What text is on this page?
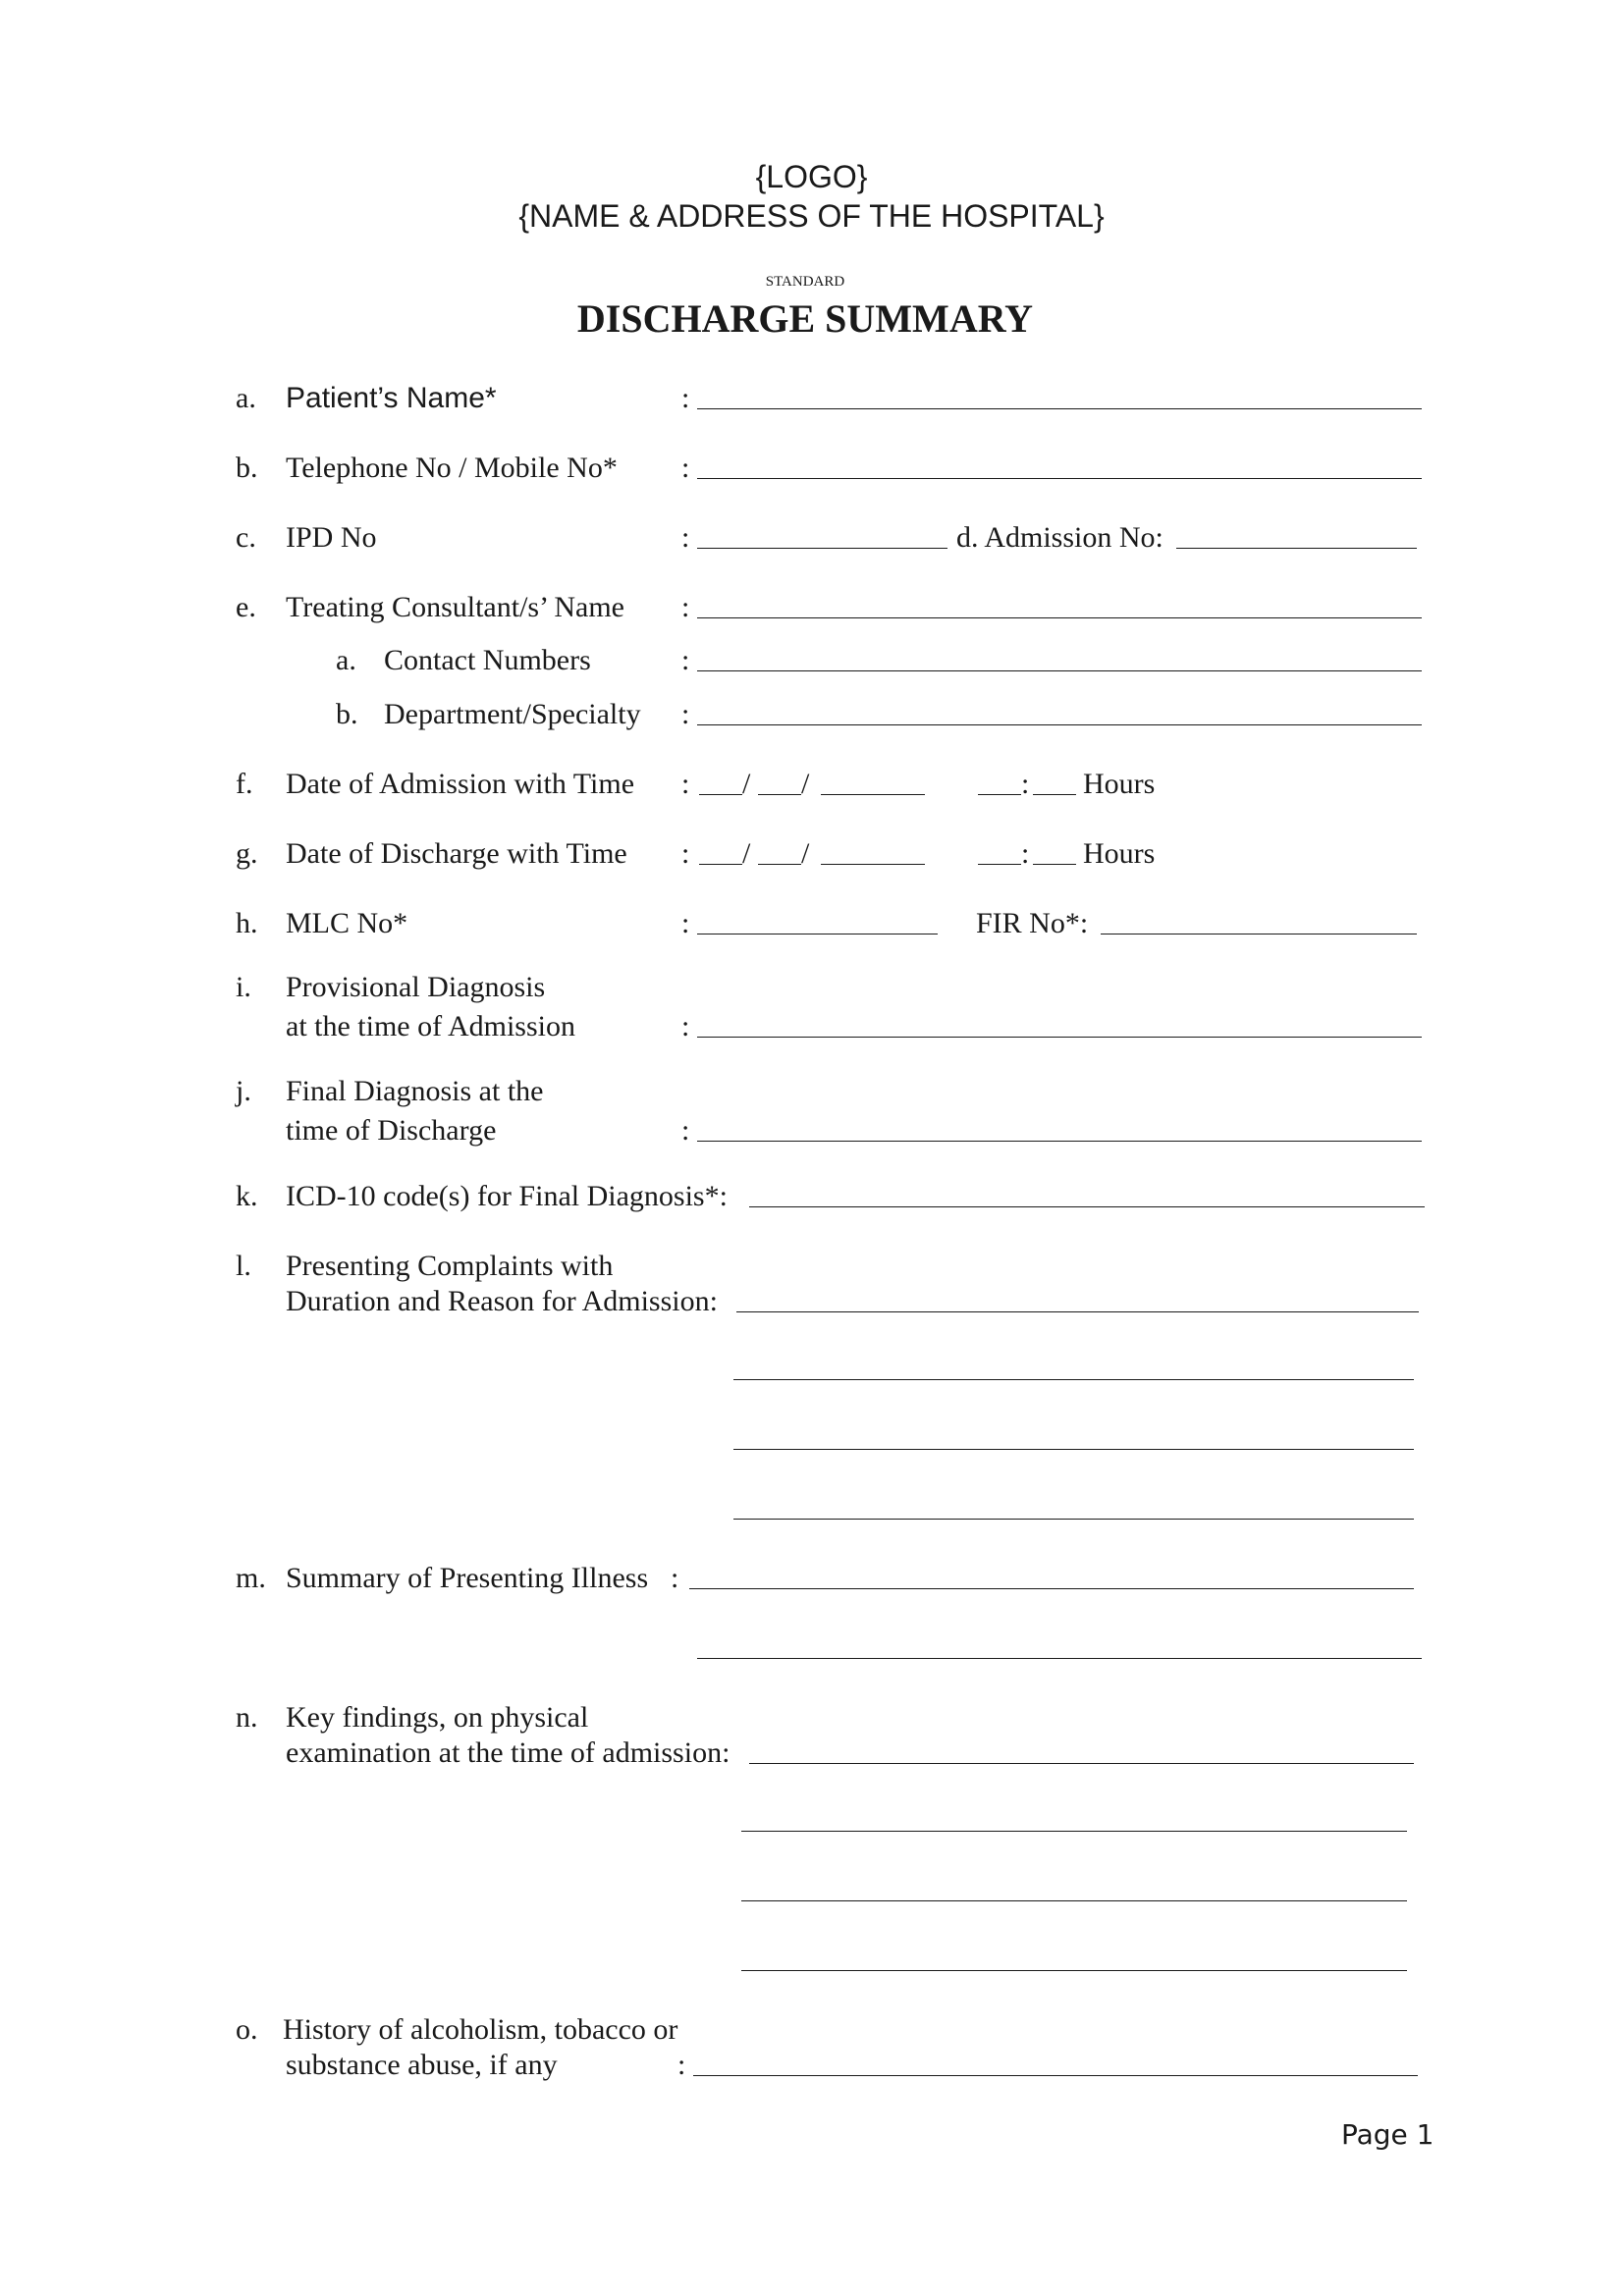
{LOGO}
{NAME & ADDRESS OF THE HOSPITAL}
STANDARD
DISCHARGE SUMMARY
a. Patient’s Name*	:
b. Telephone No / Mobile No* :
c. IPD No	:	d. Admission No:
e. Treating Consultant/s’ Name :
a. Contact Numbers	:
b. Department/Specialty :
f. Date of Admission with Time : / /	: Hours
g. Date of Discharge with Time : / /	: Hours
h. MLC No*	:	FIR No*:
i. Provisional Diagnosis
at the time of Admission	:
j. Final Diagnosis at the
time of Discharge	:
k. ICD-10 code(s) for Final Diagnosis*:
l. Presenting Complaints with
Duration and Reason for Admission:
m. Summary of Presenting Illness :
n. Key findings, on physical
examination at the time of admission:
o. History of alcoholism, tobacco or
substance abuse, if any	:
Page 1
